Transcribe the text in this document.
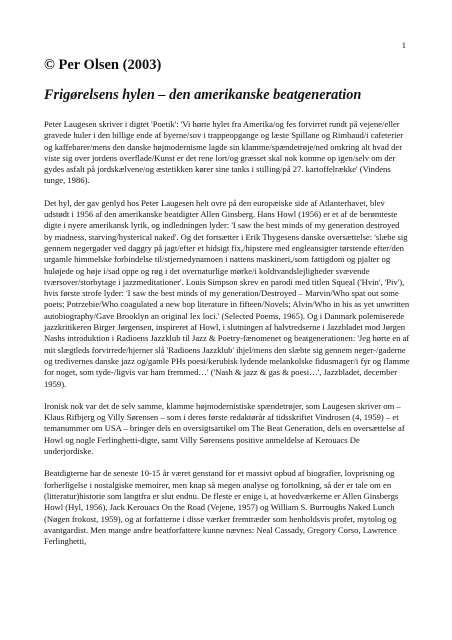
1
© Per Olsen (2003)
Frigørelsens hylen – den amerikanske beatgeneration

Peter Laugesen skriver i digtet 'Poetik': 'Vi hørte hylet fra Amerika/og fes forvirret rundt på vejene/eller gravede huler i den billige ende af byerne/sov i trappeopgange og læste Spillane og Rimbaud/i cafeterier og kaffebarer/mens den danske højmodernisme lagde sin klamme/spændetrøje/ned omkring alt hvad der viste sig over jordens overflade/Kunst er det rene lort/og græsset skal nok komme op igen/selv om der gydes asfalt på jordskælvene/og æstetikken kører sine tanks i stilling/på 27. kartoffelrække' (Vindens tunge, 1986).

Det hyl, der gav genlyd hos Peter Laugesen helt ovre på den europæiske side af Atlanterhavet, blev udstødt i 1956 af den amerikanske beatdigter Allen Ginsberg. Hans Howl (1956) er et af de berømteste digte i nyere amerikansk lyrik, og indledningen lyder: 'I saw the best minds of my generation destroyed by madness, starving/hysterical naked'. Og det fortsætter i Erik Thygesens danske oversættelse: 'slæbe sig gennem negergader ved daggry på jagt/efter et hidsigt fix,/hipstere med engleansigter tørstende efter/den urgamle himmelske forbindelse til/stjernedynamoen i nattens maskineri,/som fattigdom og pjalter og huløjede og høje i/sad oppe og røg i det overnaturlige mørke/i koldtvandslejligheder svævende tværsover/storbytage i jazzmeditationer'. Louis Simpson skrev en parodi med titlen Squeal ('Hvin', 'Piv'), hvis første strofe lyder: 'I saw the best minds of my generation/Destroyed – Marvin/Who spat out some poets; Potrzebie/Who coagulated a new bop literature in fifteen/Novels; Alvin/Who in his as yet unwritten autobiography/Gave Brooklyn an original lex loci.' (Selected Poems, 1965). Og i Danmark polemiserede jazzkritikeren Birger Jørgensen, inspireret af Howl, i slutningen af halvtredserne i Jazzbladet mod Jørgen Nashs introduktion i Radioens Jazzklub til Jazz & Poetry-fænomenet og beatgenerationen: 'Jeg hørte en af mit slægtleds forvirrede/hjerner slå 'Radioens Jazzklub' ihjel/mens den slæbte sig gennem neger-/gaderne og tredivernes danske jazz og/gamle PHs poesi/kerubisk lydende melankolske fidusmager/i fyr og flamme for noget, som tyde-/ligvis var ham fremmed…' ('Nash & jazz & gas & poesi…', Jazzbladet, december 1959).

Ironisk nok var det de selv samme, klamme højmodernistiske spændetrøjer, som Laugesen skriver om – Klaus Rifbjerg og Villy Sørensen – som i deres første redaktørår af tidsskriftet Vindrosen (4, 1959) – et temanummer om USA – bringer dels en oversigtsartikel om The Beat Generation, dels en oversættelse af Howl og nogle Ferlinghetti-digte, samt Villy Sørensens positive anmeldelse af Kerouacs De underjordiske.

Beatdigterne har de seneste 10-15 år været genstand for et massivt opbud af biografier, lovprisning og forherligelse i nostalgiske memoirer, men knap så megen analyse og fortolkning, så der er tale om en (litteratur)historie som langtfra er slut endnu. De fleste er enige i, at hovedværkerne er Allen Ginsbergs Howl (Hyl, 1956), Jack Kerouacs On the Road (Vejene, 1957) og William S. Burroughs Naked Lunch (Nøgen frokost, 1959), og at forfatterne i disse værker fremtræder som henholdsvis profet, mytolog og avantgardist. Men mange andre beatforfattere kunne nævnes: Neal Cassady, Gregory Corso, Lawrence Ferlinghetti,
